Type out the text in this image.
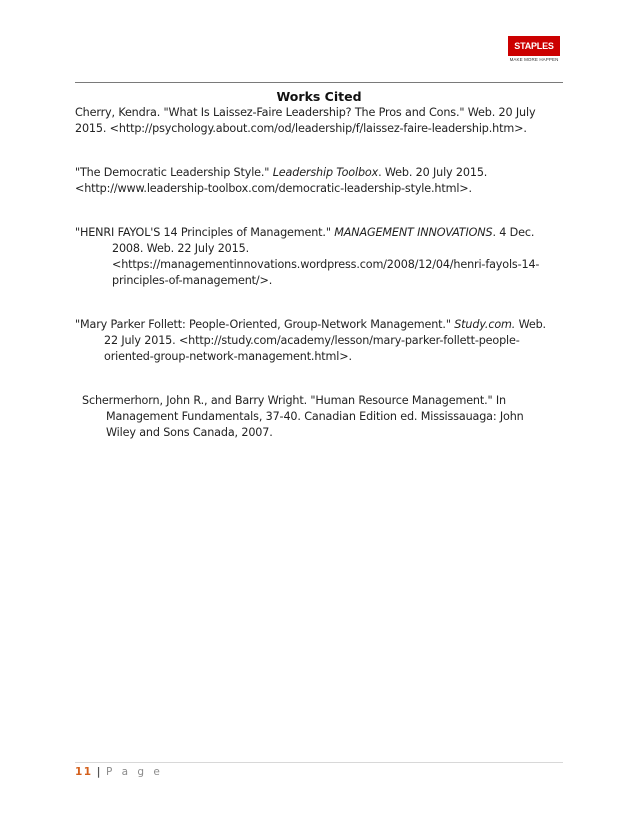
STAPLES
MAKE MORE HAPPEN
Works Cited
Cherry, Kendra. "What Is Laissez-Faire Leadership? The Pros and Cons." Web. 20 July
2015. <http://psychology.about.com/od/leadership/f/laissez-faire-leadership.htm>.
"The Democratic Leadership Style." Leadership Toolbox. Web. 20 July 2015.
<http://www.leadership-toolbox.com/democratic-leadership-style.html>.
"HENRI FAYOL'S 14 Principles of Management." MANAGEMENT INNOVATIONS. 4 Dec.
2008. Web. 22 July 2015.
<https://managementinnovations.wordpress.com/2008/12/04/henri-fayols-14-
principles-of-management/>.
"Mary Parker Follett: People-Oriented, Group-Network Management." Study.com. Web.
22 July 2015. <http://study.com/academy/lesson/mary-parker-follett-people-
oriented-group-network-management.html>.
Schermerhorn, John R., and Barry Wright. "Human Resource Management." In
Management Fundamentals, 37-40. Canadian Edition ed. Mississauaga: John
Wiley and Sons Canada, 2007.
11 | P a g e
